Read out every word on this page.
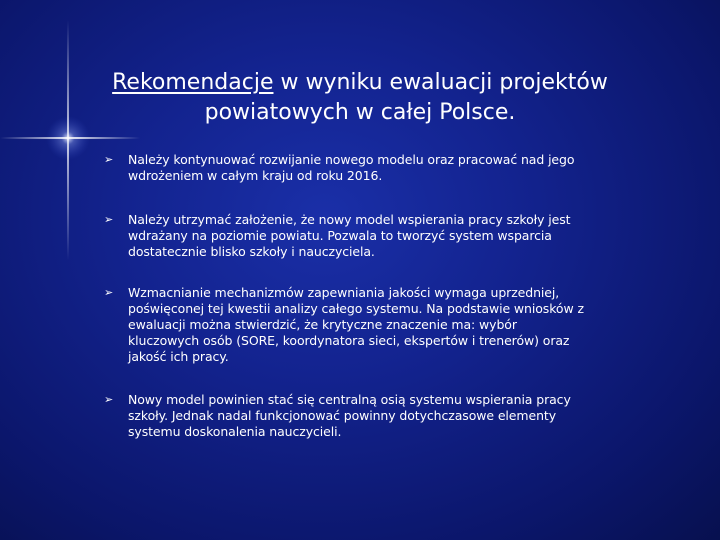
Rekomendacje w wyniku ewaluacji projektów powiatowych w całej Polsce.
➢ Należy kontynuować rozwijanie nowego modelu oraz pracować nad jego wdrożeniem w całym kraju od roku 2016.
➢ Należy utrzymać założenie, że nowy model wspierania pracy szkoły jest wdrażany na poziomie powiatu. Pozwala to tworzyć system wsparcia dostatecznie blisko szkoły i nauczyciela.
➢ Wzmacnianie mechanizmów zapewniania jakości wymaga uprzedniej, poświęconej tej kwestii analizy całego systemu. Na podstawie wniosków z ewaluacji można stwierdzić, że krytyczne znaczenie ma: wybór kluczowych osób (SORE, koordynatora sieci, ekspertów i trenerów) oraz jakość ich pracy.
➢ Nowy model powinien stać się centralną osią systemu wspierania pracy szkoły. Jednak nadal funkcjonować powinny dotychczasowe elementy systemu doskonalenia nauczycieli.
